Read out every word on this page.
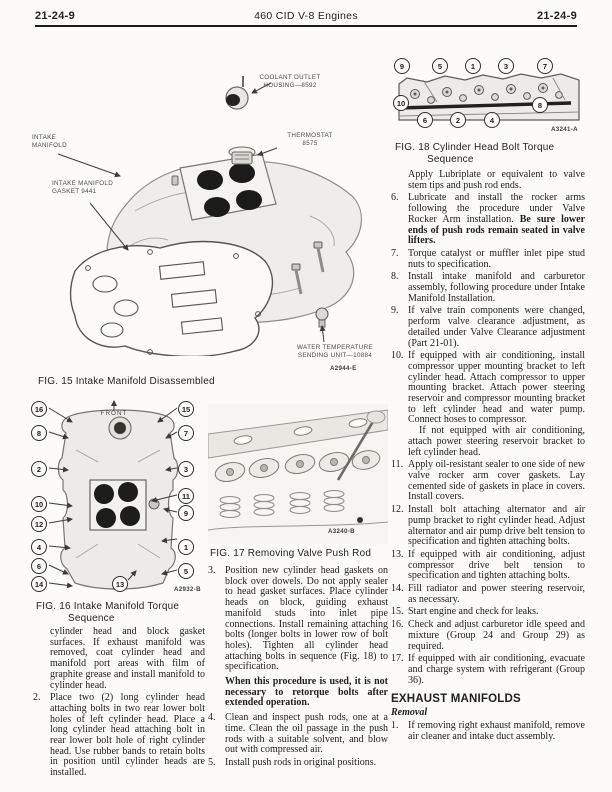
21-24-9	460 CID V-8 Engines	21-24-9
COOLANT OUTLET
HOUSING—8592
THERMOSTAT
8575
INTAKE
MANIFOLD
INTAKE MANIFOLD
GASKET 9441
WATER TEMPERATURE
SENDING UNIT—10884
A2944-E
FIG. 15 Intake Manifold Disassembled
9	5	1	3	7
10	8
6	2	4
A3241-A
FIG. 18 Cylinder Head Bolt Torque
Sequence
FRONT
16
8
2
10
12
4
6
14
15
7
3
11
9
1
5
13
A2932-B
FIG. 16 Intake Manifold Torque
Sequence
A3240-B
FIG. 17 Removing Valve Push Rod
cylinder head and block gasket surfaces. If exhaust manifold was removed, coat cylinder head and manifold port areas with film of graphite grease and install manifold to cylinder head.
2. Place two (2) long cylinder head attaching bolts in two rear lower bolt holes of left cylinder head. Place a long cylinder head attaching bolt in rear lower bolt hole of right cylinder head. Use rubber bands to retain bolts in position until cylinder heads are installed.
3. Position new cylinder head gaskets on block over dowels. Do not apply sealer to head gasket surfaces. Place cylinder heads on block, guiding exhaust manifold studs into inlet pipe connections. Install remaining attaching bolts (longer bolts in lower row of bolt holes). Tighten all cylinder head attaching bolts in sequence (Fig. 18) to specification.
When this procedure is used, it is not necessary to retorque bolts after extended operation.
4. Clean and inspect push rods, one at a time. Clean the oil passage in the push rods with a suitable solvent, and blow out with compressed air.
5. Install push rods in original positions.
Apply Lubriplate or equivalent to valve stem tips and push rod ends.
6. Lubricate and install the rocker arms following the procedure under Valve Rocker Arm installation. Be sure lower ends of push rods remain seated in valve lifters.
7. Torque catalyst or muffler inlet pipe stud nuts to specification.
8. Install intake manifold and carburetor assembly, following procedure under Intake Manifold Installation.
9. If valve train components were changed, perform valve clearance adjustment, as detailed under Valve Clearance adjustment (Part 21-01).
10. If equipped with air conditioning, install compressor upper mounting bracket to left cylinder head. Attach compressor to upper mounting bracket. Attach power steering reservoir and compressor mounting bracket to left cylinder head and water pump. Connect hoses to compressor.
If not equipped with air conditioning, attach power steering reservoir bracket to left cylinder head.
11. Apply oil-resistant sealer to one side of new valve rocker arm cover gaskets. Lay cemented side of gaskets in place in covers. Install covers.
12. Install bolt attaching alternator and air pump bracket to right cylinder head. Adjust alternator and air pump drive belt tension to specification and tighten attaching bolts.
13. If equipped with air conditioning, adjust compressor drive belt tension to specification and tighten attaching bolts.
14. Fill radiator and power steering reservoir, as necessary.
15. Start engine and check for leaks.
16. Check and adjust carburetor idle speed and mixture (Group 24 and Group 29) as required.
17. If equipped with air conditioning, evacuate and charge system with refrigerant (Group 36).
EXHAUST MANIFOLDS
Removal
1. If removing right exhaust manifold, remove air cleaner and intake duct assembly.
